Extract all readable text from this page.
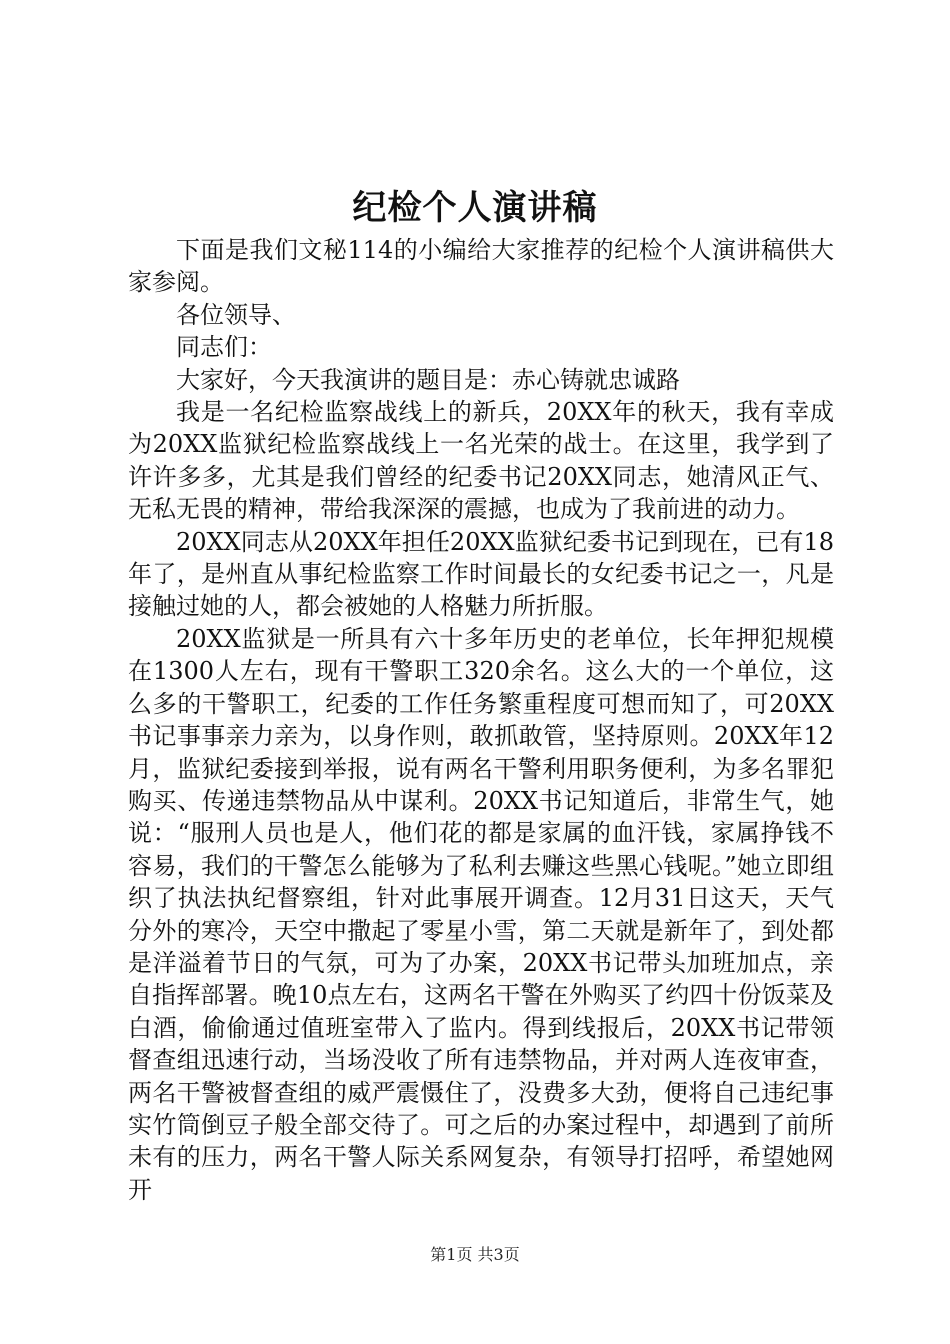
纪检个人演讲稿

下面是我们文秘114的小编给大家推荐的纪检个人演讲稿供大家参阅。

各位领导、

同志们：

大家好，今天我演讲的题目是：赤心铸就忠诚路

我是一名纪检监察战线上的新兵，20XX年的秋天，我有幸成为20XX监狱纪检监察战线上一名光荣的战士。在这里，我学到了许许多多，尤其是我们曾经的纪委书记20XX同志，她清风正气、无私无畏的精神，带给我深深的震撼，也成为了我前进的动力。

20XX同志从20XX年担任20XX监狱纪委书记到现在，已有18年了，是州直从事纪检监察工作时间最长的女纪委书记之一，凡是接触过她的人，都会被她的人格魅力所折服。

20XX监狱是一所具有六十多年历史的老单位，长年押犯规模在1300人左右，现有干警职工320余名。这么大的一个单位，这么多的干警职工，纪委的工作任务繁重程度可想而知了，可20XX书记事事亲力亲为，以身作则，敢抓敢管，坚持原则。20XX年12月，监狱纪委接到举报，说有两名干警利用职务便利，为多名罪犯购买、传递违禁物品从中谋利。20XX书记知道后，非常生气，她说：“服刑人员也是人，他们花的都是家属的血汗钱，家属挣钱不容易，我们的干警怎么能够为了私利去赚这些黑心钱呢。”她立即组织了执法执纪督察组，针对此事展开调查。12月31日这天，天气分外的寒冷，天空中撒起了零星小雪，第二天就是新年了，到处都是洋溢着节日的气氛，可为了办案，20XX书记带头加班加点，亲自指挥部署。晚10点左右，这两名干警在外购买了约四十份饭菜及白酒，偷偷通过值班室带入了监内。得到线报后，20XX书记带领督查组迅速行动，当场没收了所有违禁物品，并对两人连夜审查，两名干警被督查组的威严震慑住了，没费多大劲，便将自己违纪事实竹筒倒豆子般全部交待了。可之后的办案过程中，却遇到了前所未有的压力，两名干警人际关系网复杂，有领导打招呼，希望她网开

第1页 共3页
